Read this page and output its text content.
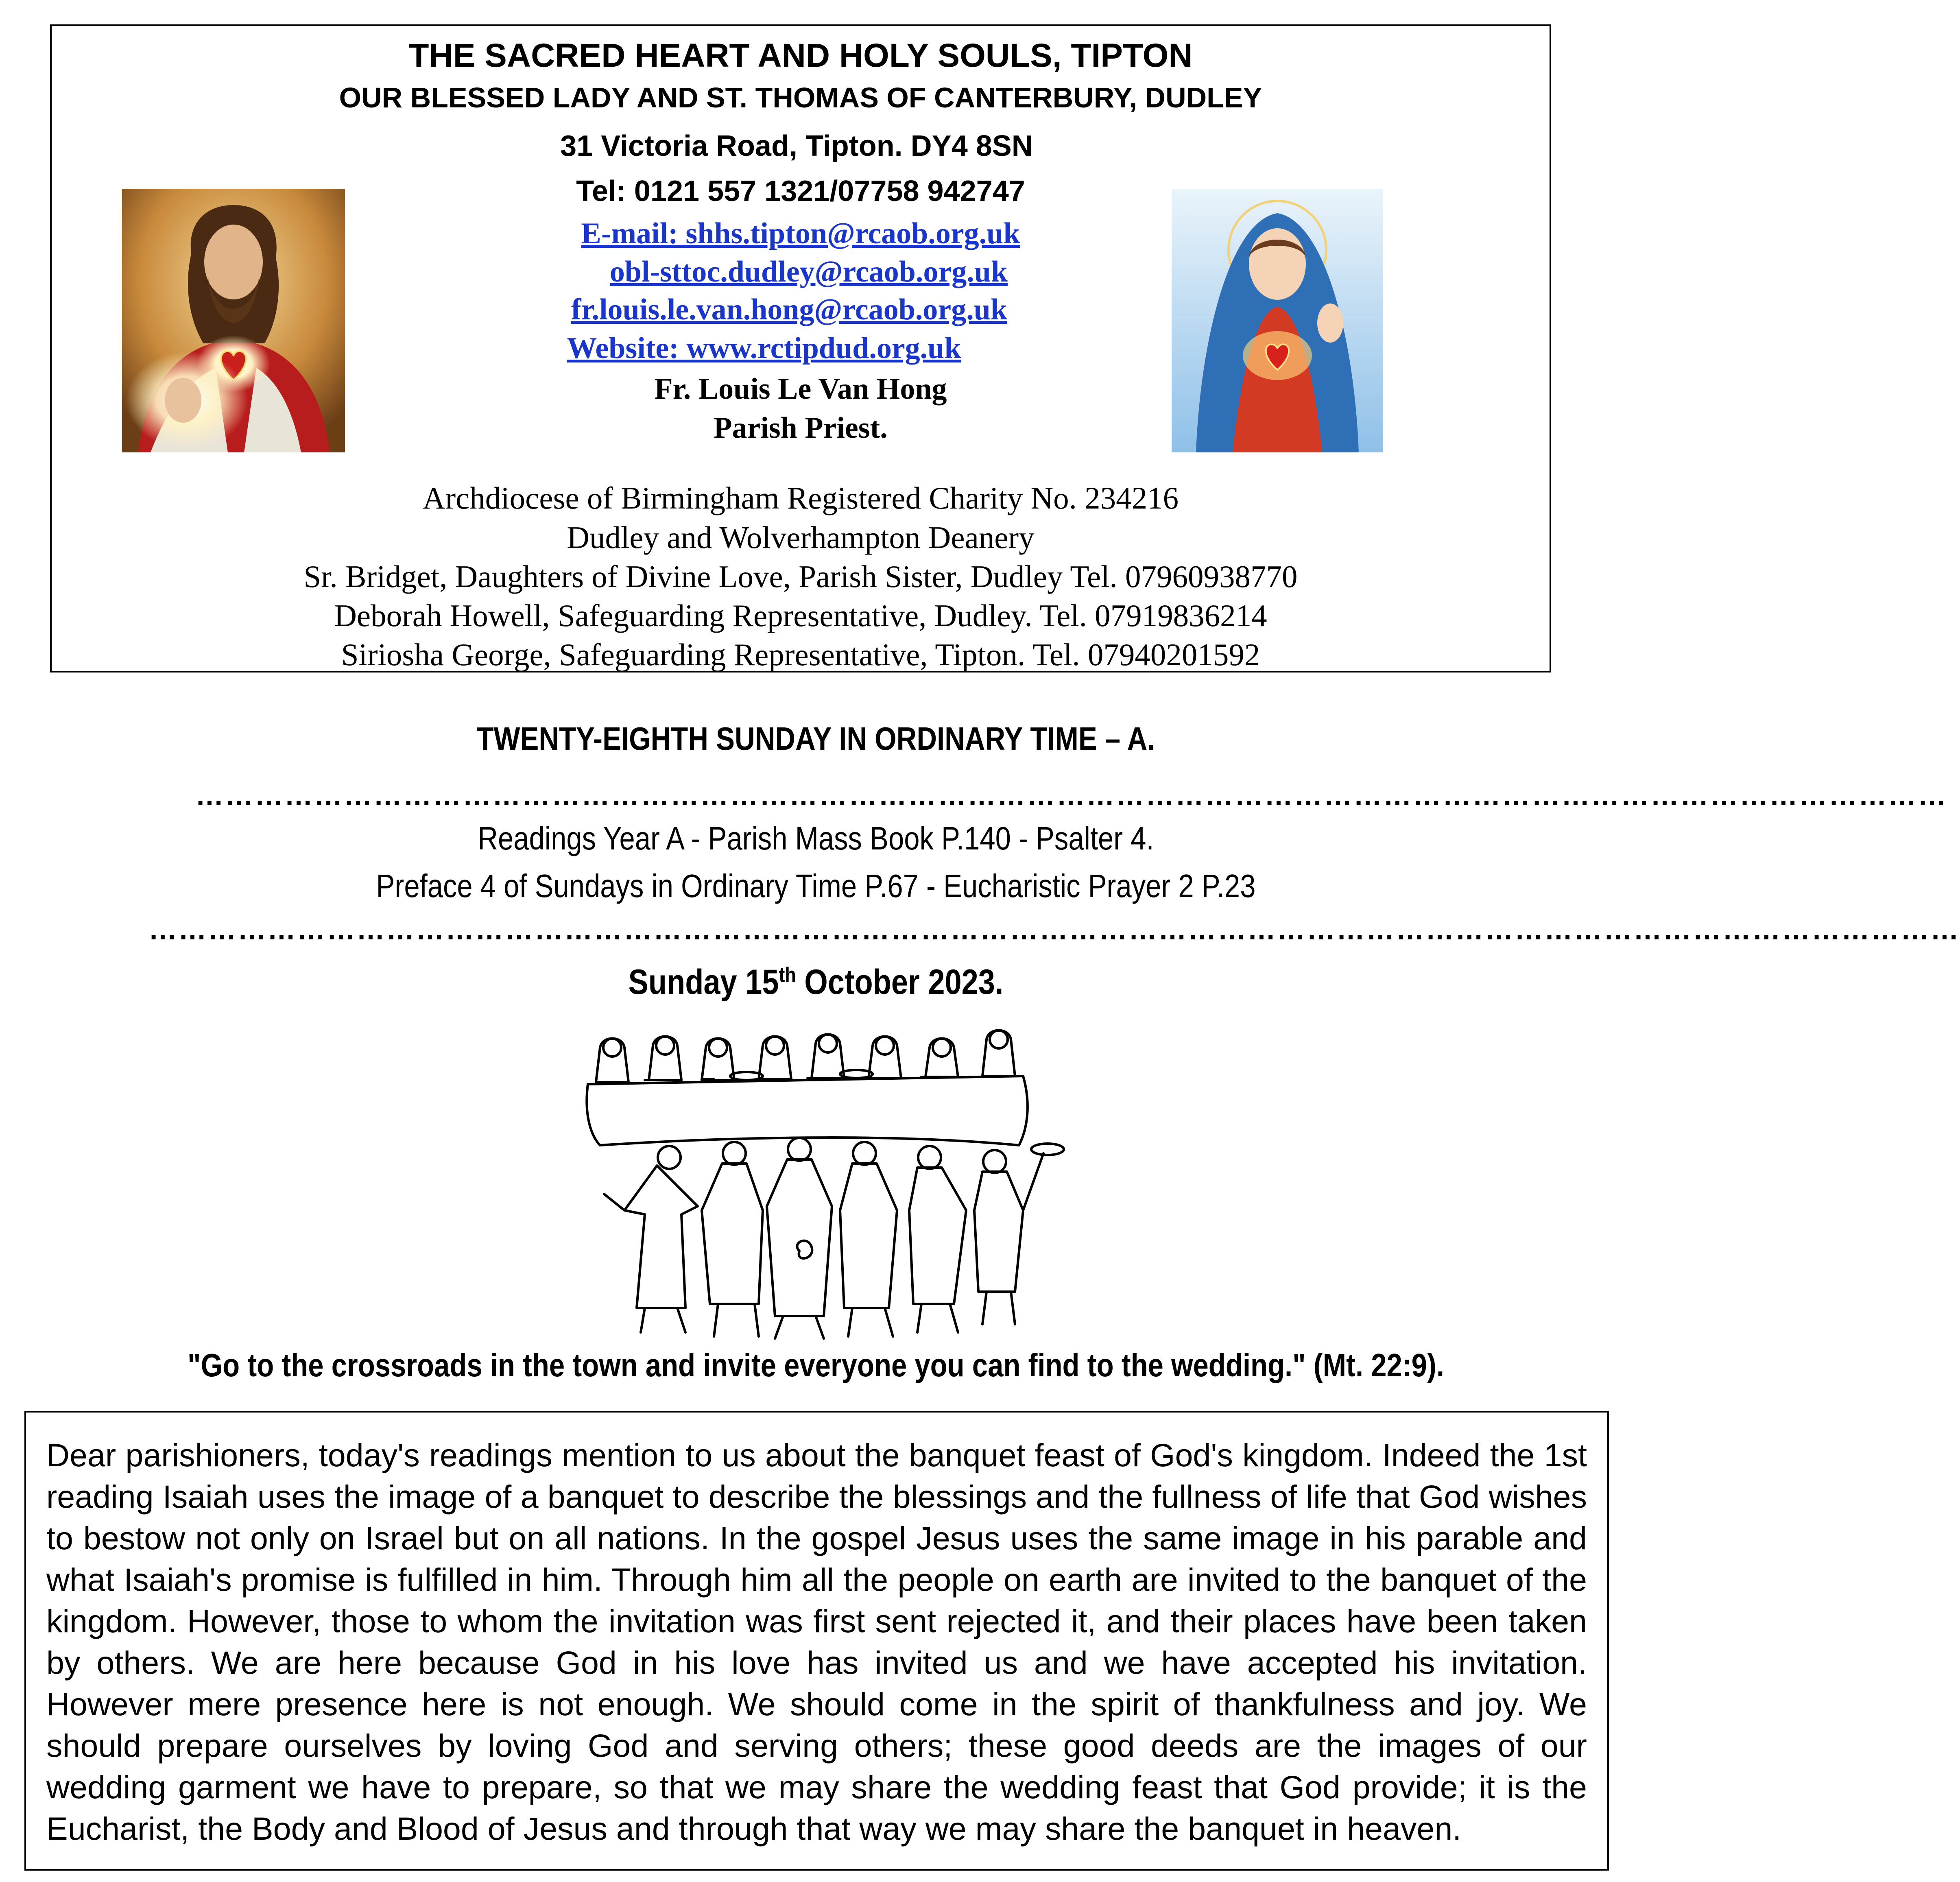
THE SACRED HEART AND HOLY SOULS, TIPTON
OUR BLESSED LADY AND ST. THOMAS OF CANTERBURY, DUDLEY
31 Victoria Road, Tipton. DY4 8SN
Tel: 0121 557 1321/07758 942747
E-mail: shhs.tipton@rcaob.org.uk
obl-sttoc.dudley@rcaob.org.uk
fr.louis.le.van.hong@rcaob.org.uk
Website: www.rctipdud.org.uk
Fr. Louis Le Van Hong
Parish Priest.
Archdiocese of Birmingham Registered Charity No. 234216
Dudley and Wolverhampton Deanery
Sr. Bridget, Daughters of Divine Love, Parish Sister, Dudley Tel. 07960938770
Deborah Howell, Safeguarding Representative, Dudley. Tel. 07919836214
Siriosha George, Safeguarding Representative, Tipton. Tel. 07940201592
TWENTY-EIGHTH SUNDAY IN ORDINARY TIME – A.
……………………………………………………………………………………………………………………………………………………………
Readings Year A - Parish Mass Book P.140 - Psalter 4.
Preface 4 of Sundays in Ordinary Time P.67 - Eucharistic Prayer 2 P.23
…………………………………………………………………………………………………………………………………………………………………
Sunday 15th October 2023.
"Go to the crossroads in the town and invite everyone you can find to the wedding." (Mt. 22:9).

Dear parishioners, today's readings mention to us about the banquet feast of God's kingdom. Indeed the 1st reading Isaiah uses the image of a banquet to describe the blessings and the fullness of life that God wishes to bestow not only on Israel but on all nations. In the gospel Jesus uses the same image in his parable and what Isaiah's promise is fulfilled in him. Through him all the people on earth are invited to the banquet of the kingdom. However, those to whom the invitation was first sent rejected it, and their places have been taken by others. We are here because God in his love has invited us and we have accepted his invitation. However mere presence here is not enough. We should come in the spirit of thankfulness and joy. We should prepare ourselves by loving God and serving others; these good deeds are the images of our wedding garment we have to prepare, so that we may share the wedding feast that God provide; it is the Eucharist, the Body and Blood of Jesus and through that way we may share the banquet in heaven.
